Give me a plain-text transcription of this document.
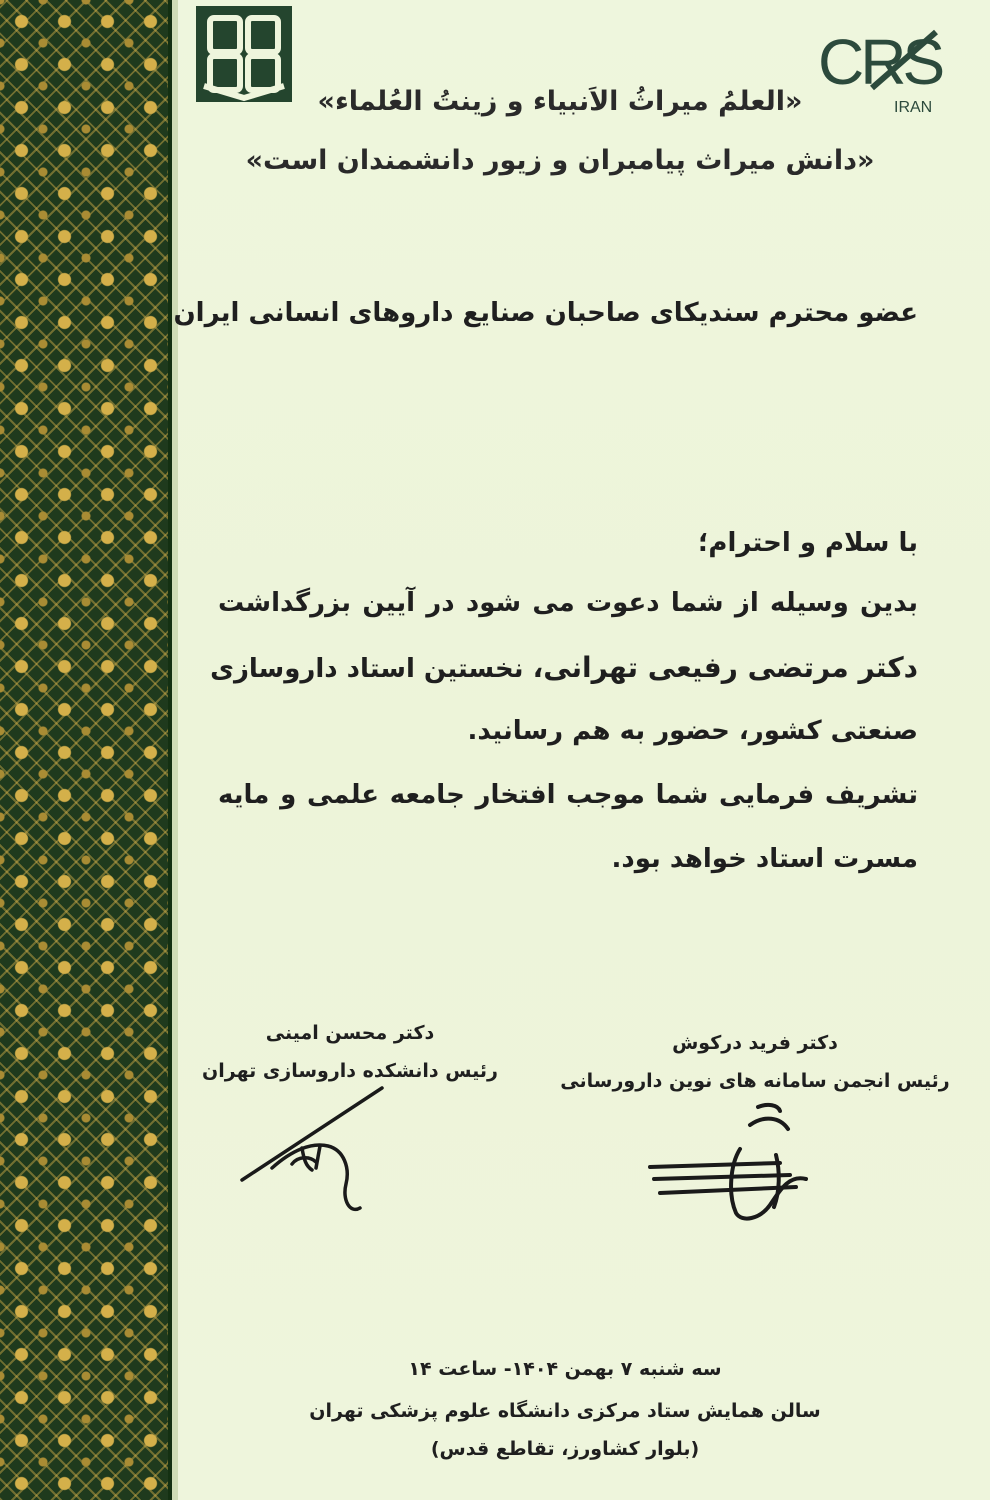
CRS
IRAN
«العلمُ میراثُ الاَنبیاء و زینتُ العُلماء»
«دانش میراث پیامبران و زیور دانشمندان است»
عضو محترم سندیکای صاحبان صنایع داروهای انسانی ایران
با سلام و احترام؛
بدین وسیله از شما دعوت می شود در آیین بزرگداشت
دکتر مرتضی رفیعی تهرانی، نخستین استاد داروسازی
صنعتی کشور، حضور به هم رسانید.
تشریف فرمایی شما موجب افتخار جامعه علمی و مایه
مسرت استاد خواهد بود.
دکتر فرید درکوش
رئیس انجمن سامانه های نوین دارورسانی
دکتر محسن امینی
رئیس دانشکده داروسازی تهران
سه شنبه ۷ بهمن ۱۴۰۴- ساعت ۱۴
سالن همایش ستاد مرکزی دانشگاه علوم پزشکی تهران
(بلوار کشاورز، تقاطع قدس)
